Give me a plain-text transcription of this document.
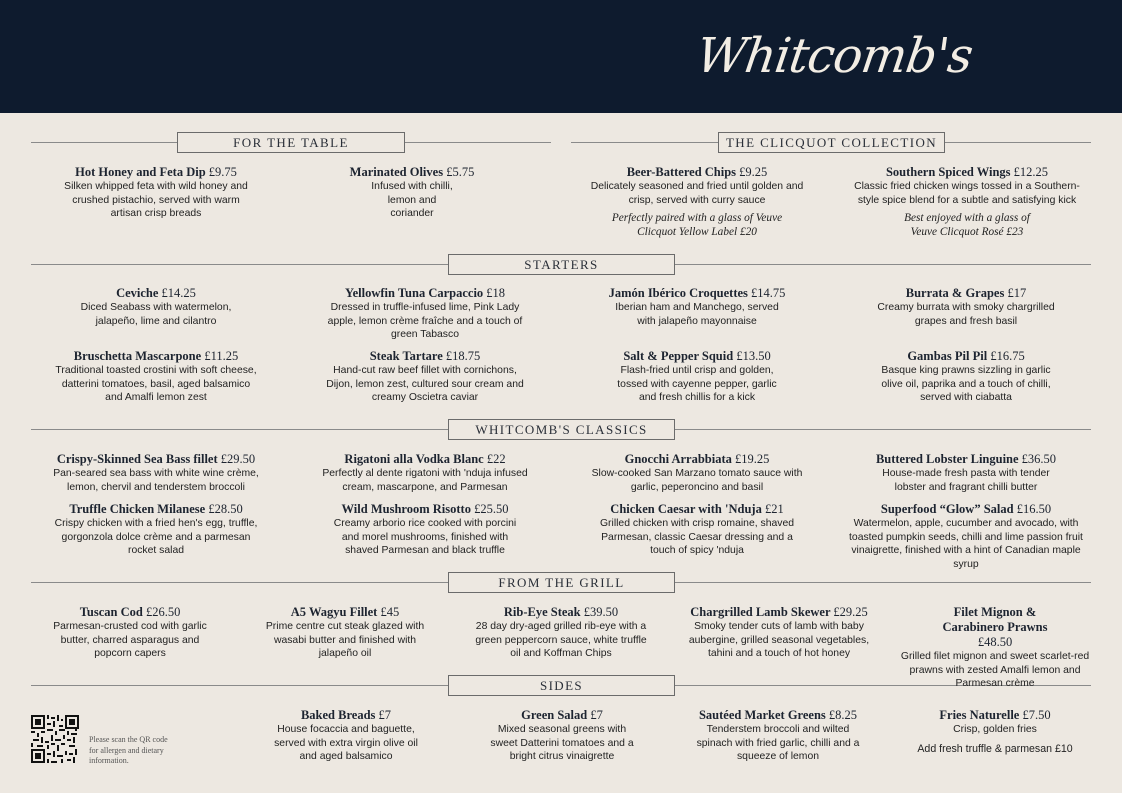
Whitcomb's
FOR THE TABLE	THE CLICQUOT COLLECTION
STARTERS
WHITCOMB'S CLASSICS
FROM THE GRILL
SIDES
Hot Honey and Feta Dip £9.75
Silken whipped feta with wild honey and crushed pistachio, served with warm artisan crisp breads
Marinated Olives £5.75
Infused with chilli, lemon and coriander
Beer-Battered Chips £9.25
Delicately seasoned and fried until golden and crisp, served with curry sauce
Perfectly paired with a glass of Veuve Clicquot Yellow Label £20
Southern Spiced Wings £12.25
Classic fried chicken wings tossed in a Southern-style spice blend for a subtle and satisfying kick
Best enjoyed with a glass of Veuve Clicquot Rosé £23
Ceviche £14.25
Diced Seabass with watermelon, jalapeño, lime and cilantro
Yellowfin Tuna Carpaccio £18
Dressed in truffle-infused lime, Pink Lady apple, lemon crème fraîche and a touch of green Tabasco
Jamón Ibérico Croquettes £14.75
Iberian ham and Manchego, served with jalapeño mayonnaise
Burrata & Grapes £17
Creamy burrata with smoky chargrilled grapes and fresh basil
Bruschetta Mascarpone £11.25
Traditional toasted crostini with soft cheese, datterini tomatoes, basil, aged balsamico and Amalfi lemon zest
Steak Tartare £18.75
Hand-cut raw beef fillet with cornichons, Dijon, lemon zest, cultured sour cream and creamy Oscietra caviar
Salt & Pepper Squid £13.50
Flash-fried until crisp and golden, tossed with cayenne pepper, garlic and fresh chillis for a kick
Gambas Pil Pil £16.75
Basque king prawns sizzling in garlic olive oil, paprika and a touch of chilli, served with ciabatta
Crispy-Skinned Sea Bass fillet £29.50
Pan-seared sea bass with white wine crème, lemon, chervil and tenderstem broccoli
Rigatoni alla Vodka Blanc £22
Perfectly al dente rigatoni with 'nduja infused cream, mascarpone, and Parmesan
Gnocchi Arrabbiata £19.25
Slow-cooked San Marzano tomato sauce with garlic, peperoncino and basil
Buttered Lobster Linguine £36.50
House-made fresh pasta with tender lobster and fragrant chilli butter
Truffle Chicken Milanese £28.50
Crispy chicken with a fried hen's egg, truffle, gorgonzola dolce crème and a parmesan rocket salad
Wild Mushroom Risotto £25.50
Creamy arborio rice cooked with porcini and morel mushrooms, finished with shaved Parmesan and black truffle
Chicken Caesar with 'Nduja £21
Grilled chicken with crisp romaine, shaved Parmesan, classic Caesar dressing and a touch of spicy 'nduja
Superfood “Glow” Salad £16.50
Watermelon, apple, cucumber and avocado, with toasted pumpkin seeds, chilli and lime passion fruit vinaigrette, finished with a hint of Canadian maple syrup
Tuscan Cod £26.50
Parmesan-crusted cod with garlic butter, charred asparagus and popcorn capers
A5 Wagyu Fillet £45
Prime centre cut steak glazed with wasabi butter and finished with jalapeño oil
Rib-Eye Steak £39.50
28 day dry-aged grilled rib-eye with a green peppercorn sauce, white truffle oil and Koffman Chips
Chargrilled Lamb Skewer £29.25
Smoky tender cuts of lamb with baby aubergine, grilled seasonal vegetables, tahini and a touch of hot honey
Filet Mignon & Carabinero Prawns £48.50
Grilled filet mignon and sweet scarlet-red prawns with zested Amalfi lemon and Parmesan crème
Please scan the QR code for allergen and dietary information.
Baked Breads £7
House focaccia and baguette, served with extra virgin olive oil and aged balsamico
Green Salad £7
Mixed seasonal greens with sweet Datterini tomatoes and a bright citrus vinaigrette
Sautéed Market Greens £8.25
Tenderstem broccoli and wilted spinach with fried garlic, chilli and a squeeze of lemon
Fries Naturelle £7.50
Crisp, golden fries
Add fresh truffle & parmesan £10
